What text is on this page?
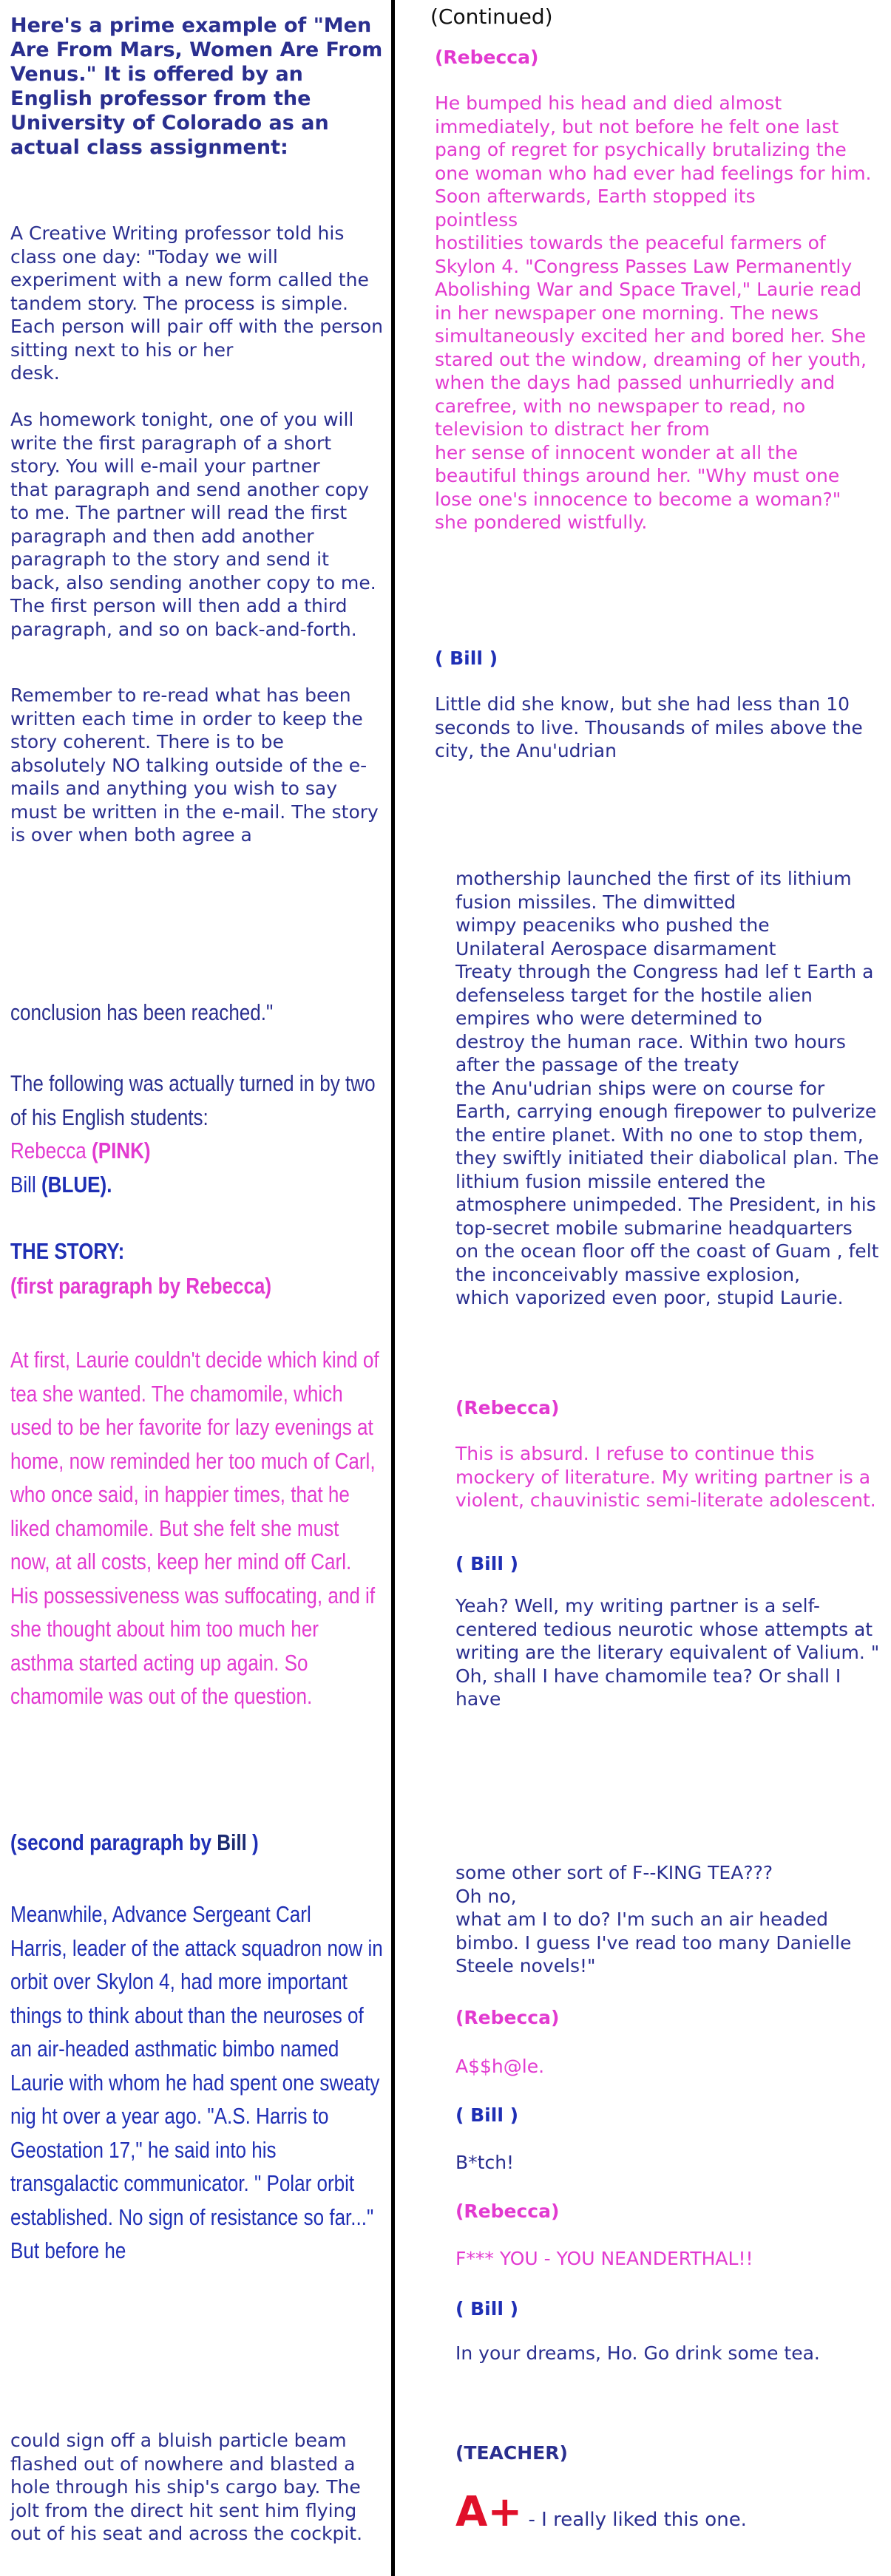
Here's a prime example of "Men Are From Mars, Women Are From Venus." It is offered by an English professor from the University of Colorado as an actual class assignment:

A Creative Writing professor told his class one day: "Today we will experiment with a new form called the tandem story. The process is simple. Each person will pair off with the person sitting next to his or her
desk.

As homework tonight, one of you will write the first paragraph of a short story. You will e-mail your partner
that paragraph and send another copy to me. The partner will read the first paragraph and then add another paragraph to the story and send it back, also sending another copy to me. The first person will then add a third paragraph, and so on back-and-forth.

Remember to re-read what has been written each time in order to keep the story coherent. There is to be
absolutely NO talking outside of the e-mails and anything you wish to say must be written in the e-mail. The story is over when both agree a

conclusion has been reached."

The following was actually turned in by two of his English students:
Rebecca (PINK)
Bill (BLUE).

THE STORY:

(first paragraph by Rebecca)

At first, Laurie couldn't decide which kind of tea she wanted. The chamomile, which used to be her favorite for lazy evenings at home, now reminded her too much of Carl, who once said, in happier times, that he liked chamomile. But she felt she must now, at all costs, keep her mind off Carl. His possessiveness was suffocating, and if she thought about him too much her asthma started acting up again. So chamomile was out of the question.

(second paragraph by Bill )

Meanwhile, Advance Sergeant Carl
Harris, leader of the attack squadron now in orbit over Skylon 4, had more important things to think about than the neuroses of an air-headed asthmatic bimbo named Laurie with whom he had spent one sweaty nig ht over a year ago. "A.S. Harris to Geostation 17," he said into his transgalactic communicator. " Polar orbit established. No sign of resistance so far..." But before he

could sign off a bluish particle beam flashed out of nowhere and blasted a hole through his ship's cargo bay. The jolt from the direct hit sent him flying out of his seat and across the cockpit.

(Continued)

(Rebecca)

He bumped his head and died almost
immediately, but not before he felt one last pang of regret for psychically brutalizing the one woman who had ever had feelings for him. Soon afterwards, Earth stopped its
pointless
hostilities towards the peaceful farmers of Skylon 4. "Congress Passes Law Permanently Abolishing War and Space Travel," Laurie read in her newspaper one morning. The news simultaneously excited her and bored her. She stared out the window, dreaming of her youth, when the days had passed unhurriedly and carefree, with no newspaper to read, no television to distract her from
her sense of innocent wonder at all the beautiful things around her. "Why must one lose one's innocence to become a woman?" she pondered wistfully.

( Bill )

Little did she know, but she had less than 10 seconds to live. Thousands of miles above the city, the Anu'udrian

mothership launched the first of its lithium fusion missiles. The dimwitted
wimpy peaceniks who pushed the
Unilateral Aerospace disarmament
Treaty through the Congress had lef t Earth a defenseless target for the hostile alien empires who were determined to
destroy the human race. Within two hours after the passage of the treaty
the Anu'udrian ships were on course for Earth, carrying enough firepower to pulverize the entire planet. With no one to stop them, they swiftly initiated their diabolical plan. The lithium fusion missile entered the
atmosphere unimpeded. The President, in his top-secret mobile submarine headquarters on the ocean floor off the coast of Guam , felt the inconceivably massive explosion,
which vaporized even poor, stupid Laurie.

(Rebecca)

This is absurd. I refuse to continue this mockery of literature. My writing partner is a violent, chauvinistic semi-literate adolescent.

( Bill )

Yeah? Well, my writing partner is a self-centered tedious neurotic whose attempts at writing are the literary equivalent of Valium. " Oh, shall I have chamomile tea? Or shall I have

some other sort of F--KING TEA???
Oh no,
what am I to do? I'm such an air headed bimbo. I guess I've read too many Danielle Steele novels!"

(Rebecca)

A$$h@le.

( Bill )

B*tch!

(Rebecca)

F*** YOU - YOU NEANDERTHAL!!

( Bill )

In your dreams, Ho. Go drink some tea.

(TEACHER)

A+ - I really liked this one.
